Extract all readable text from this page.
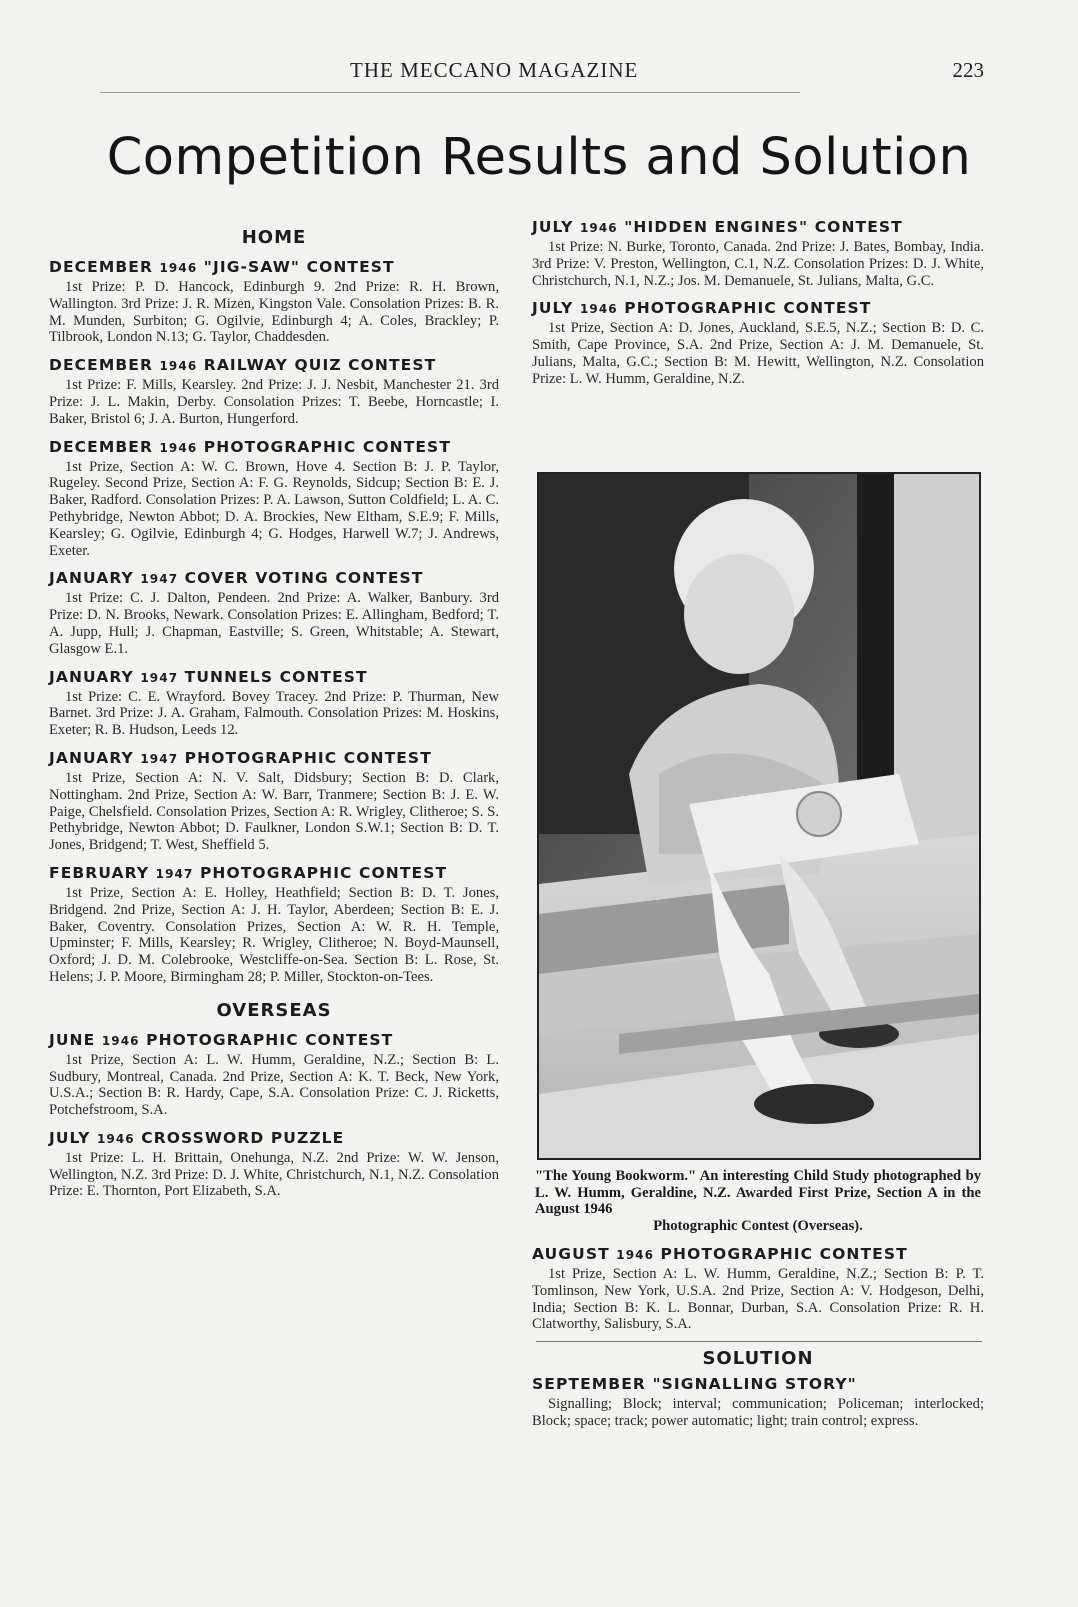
THE MECCANO MAGAZINE	223
Competition Results and Solution
HOME
DECEMBER 1946 "JIG-SAW" CONTEST

1st Prize: P. D. Hancock, Edinburgh 9. 2nd Prize: R. H. Brown, Wallington. 3rd Prize: J. R. Mizen, Kingston Vale. Consolation Prizes: B. R. M. Munden, Surbiton; G. Ogilvie, Edinburgh 4; A. Coles, Brackley; P. Tilbrook, London N.13; G. Taylor, Chaddesden.

DECEMBER 1946 RAILWAY QUIZ CONTEST

1st Prize: F. Mills, Kearsley. 2nd Prize: J. J. Nesbit, Manchester 21. 3rd Prize: J. L. Makin, Derby. Consolation Prizes: T. Beebe, Horncastle; I. Baker, Bristol 6; J. A. Burton, Hungerford.

DECEMBER 1946 PHOTOGRAPHIC CONTEST

1st Prize, Section A: W. C. Brown, Hove 4. Section B: J. P. Taylor, Rugeley. Second Prize, Section A: F. G. Reynolds, Sidcup; Section B: E. J. Baker, Radford. Consolation Prizes: P. A. Lawson, Sutton Coldfield; L. A. C. Pethybridge, Newton Abbot; D. A. Brockies, New Eltham, S.E.9; F. Mills, Kearsley; G. Ogilvie, Edinburgh 4; G. Hodges, Harwell W.7; J. Andrews, Exeter.

JANUARY 1947 COVER VOTING CONTEST

1st Prize: C. J. Dalton, Pendeen. 2nd Prize: A. Walker, Banbury. 3rd Prize: D. N. Brooks, Newark. Consolation Prizes: E. Allingham, Bedford; T. A. Jupp, Hull; J. Chapman, Eastville; S. Green, Whitstable; A. Stewart, Glasgow E.1.

JANUARY 1947 TUNNELS CONTEST

1st Prize: C. E. Wrayford. Bovey Tracey. 2nd Prize: P. Thurman, New Barnet. 3rd Prize: J. A. Graham, Falmouth. Consolation Prizes: M. Hoskins, Exeter; R. B. Hudson, Leeds 12.

JANUARY 1947 PHOTOGRAPHIC CONTEST

1st Prize, Section A: N. V. Salt, Didsbury; Section B: D. Clark, Nottingham. 2nd Prize, Section A: W. Barr, Tranmere; Section B: J. E. W. Paige, Chelsfield. Consolation Prizes, Section A: R. Wrigley, Clitheroe; S. S. Pethybridge, Newton Abbot; D. Faulkner, London S.W.1; Section B: D. T. Jones, Bridgend; T. West, Sheffield 5.

FEBRUARY 1947 PHOTOGRAPHIC CONTEST

1st Prize, Section A: E. Holley, Heathfield; Section B: D. T. Jones, Bridgend. 2nd Prize, Section A: J. H. Taylor, Aberdeen; Section B: E. J. Baker, Coventry. Consolation Prizes, Section A: W. R. H. Temple, Upminster; F. Mills, Kearsley; R. Wrigley, Clitheroe; N. Boyd-Maunsell, Oxford; J. D. M. Colebrooke, Westcliffe-on-Sea. Section B: L. Rose, St. Helens; J. P. Moore, Birmingham 28; P. Miller, Stockton-on-Tees.

OVERSEAS
JUNE 1946 PHOTOGRAPHIC CONTEST

1st Prize, Section A: L. W. Humm, Geraldine, N.Z.; Section B: L. Sudbury, Montreal, Canada. 2nd Prize, Section A: K. T. Beck, New York, U.S.A.; Section B: R. Hardy, Cape, S.A. Consolation Prize: C. J. Ricketts, Potchefstroom, S.A.

JULY 1946 CROSSWORD PUZZLE

1st Prize: L. H. Brittain, Onehunga, N.Z. 2nd Prize: W. W. Jenson, Wellington, N.Z. 3rd Prize: D. J. White, Christchurch, N.1, N.Z. Consolation Prize: E. Thornton, Port Elizabeth, S.A.

JULY 1946 "HIDDEN ENGINES" CONTEST

1st Prize: N. Burke, Toronto, Canada. 2nd Prize: J. Bates, Bombay, India. 3rd Prize: V. Preston, Wellington, C.1, N.Z. Consolation Prizes: D. J. White, Christchurch, N.1, N.Z.; Jos. M. Demanuele, St. Julians, Malta, G.C.

JULY 1946 PHOTOGRAPHIC CONTEST

1st Prize, Section A: D. Jones, Auckland, S.E.5, N.Z.; Section B: D. C. Smith, Cape Province, S.A. 2nd Prize, Section A: J. M. Demanuele, St. Julians, Malta, G.C.; Section B: M. Hewitt, Wellington, N.Z. Consolation Prize: L. W. Humm, Geraldine, N.Z.

"The Young Bookworm." An interesting Child Study photographed by L. W. Humm, Geraldine, N.Z. Awarded First Prize, Section A in the August 1946
Photographic Contest (Overseas).
AUGUST 1946 PHOTOGRAPHIC CONTEST

1st Prize, Section A: L. W. Humm, Geraldine, N.Z.; Section B: P. T. Tomlinson, New York, U.S.A. 2nd Prize, Section A: V. Hodgeson, Delhi, India; Section B: K. L. Bonnar, Durban, S.A. Consolation Prize: R. H. Clatworthy, Salisbury, S.A.

SOLUTION
SEPTEMBER "SIGNALLING STORY"

Signalling; Block; interval; communication; Policeman; interlocked; Block; space; track; power automatic; light; train control; express.
